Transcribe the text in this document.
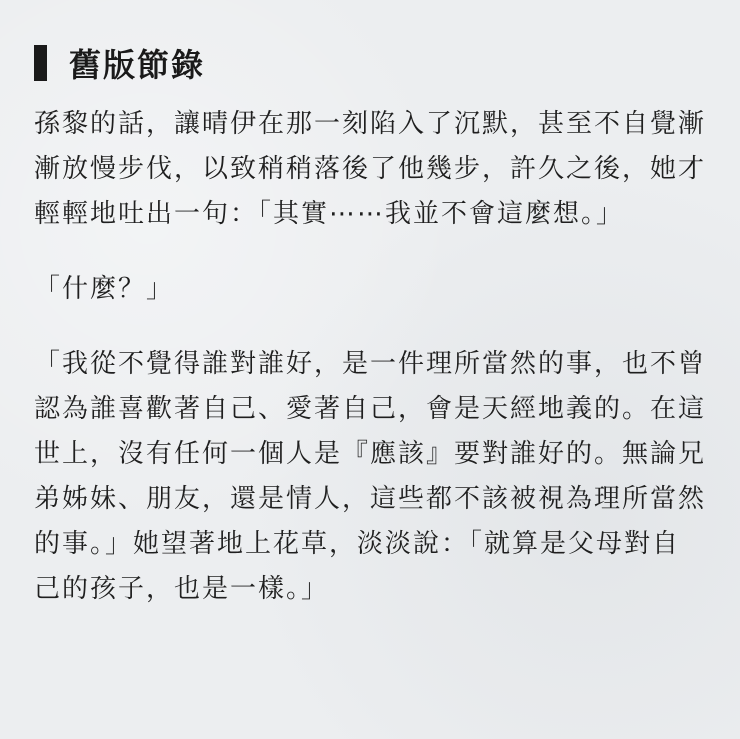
舊版節錄

孫黎的話，讓晴伊在那一刻陷入了沉默，甚至不自覺漸漸放慢步伐，以致稍稍落後了他幾步，許久之後，她才輕輕地吐出一句：「其實⋯⋯我並不會這麼想。」

「什麼？」

「我從不覺得誰對誰好，是一件理所當然的事，也不曾認為誰喜歡著自己、愛著自己，會是天經地義的。在這世上，沒有任何一個人是『應該』要對誰好的。無論兄弟姊妹、朋友，還是情人，這些都不該被視為理所當然的事。」她望著地上花草，淡淡說：「就算是父母對自己的孩子，也是一樣。」
